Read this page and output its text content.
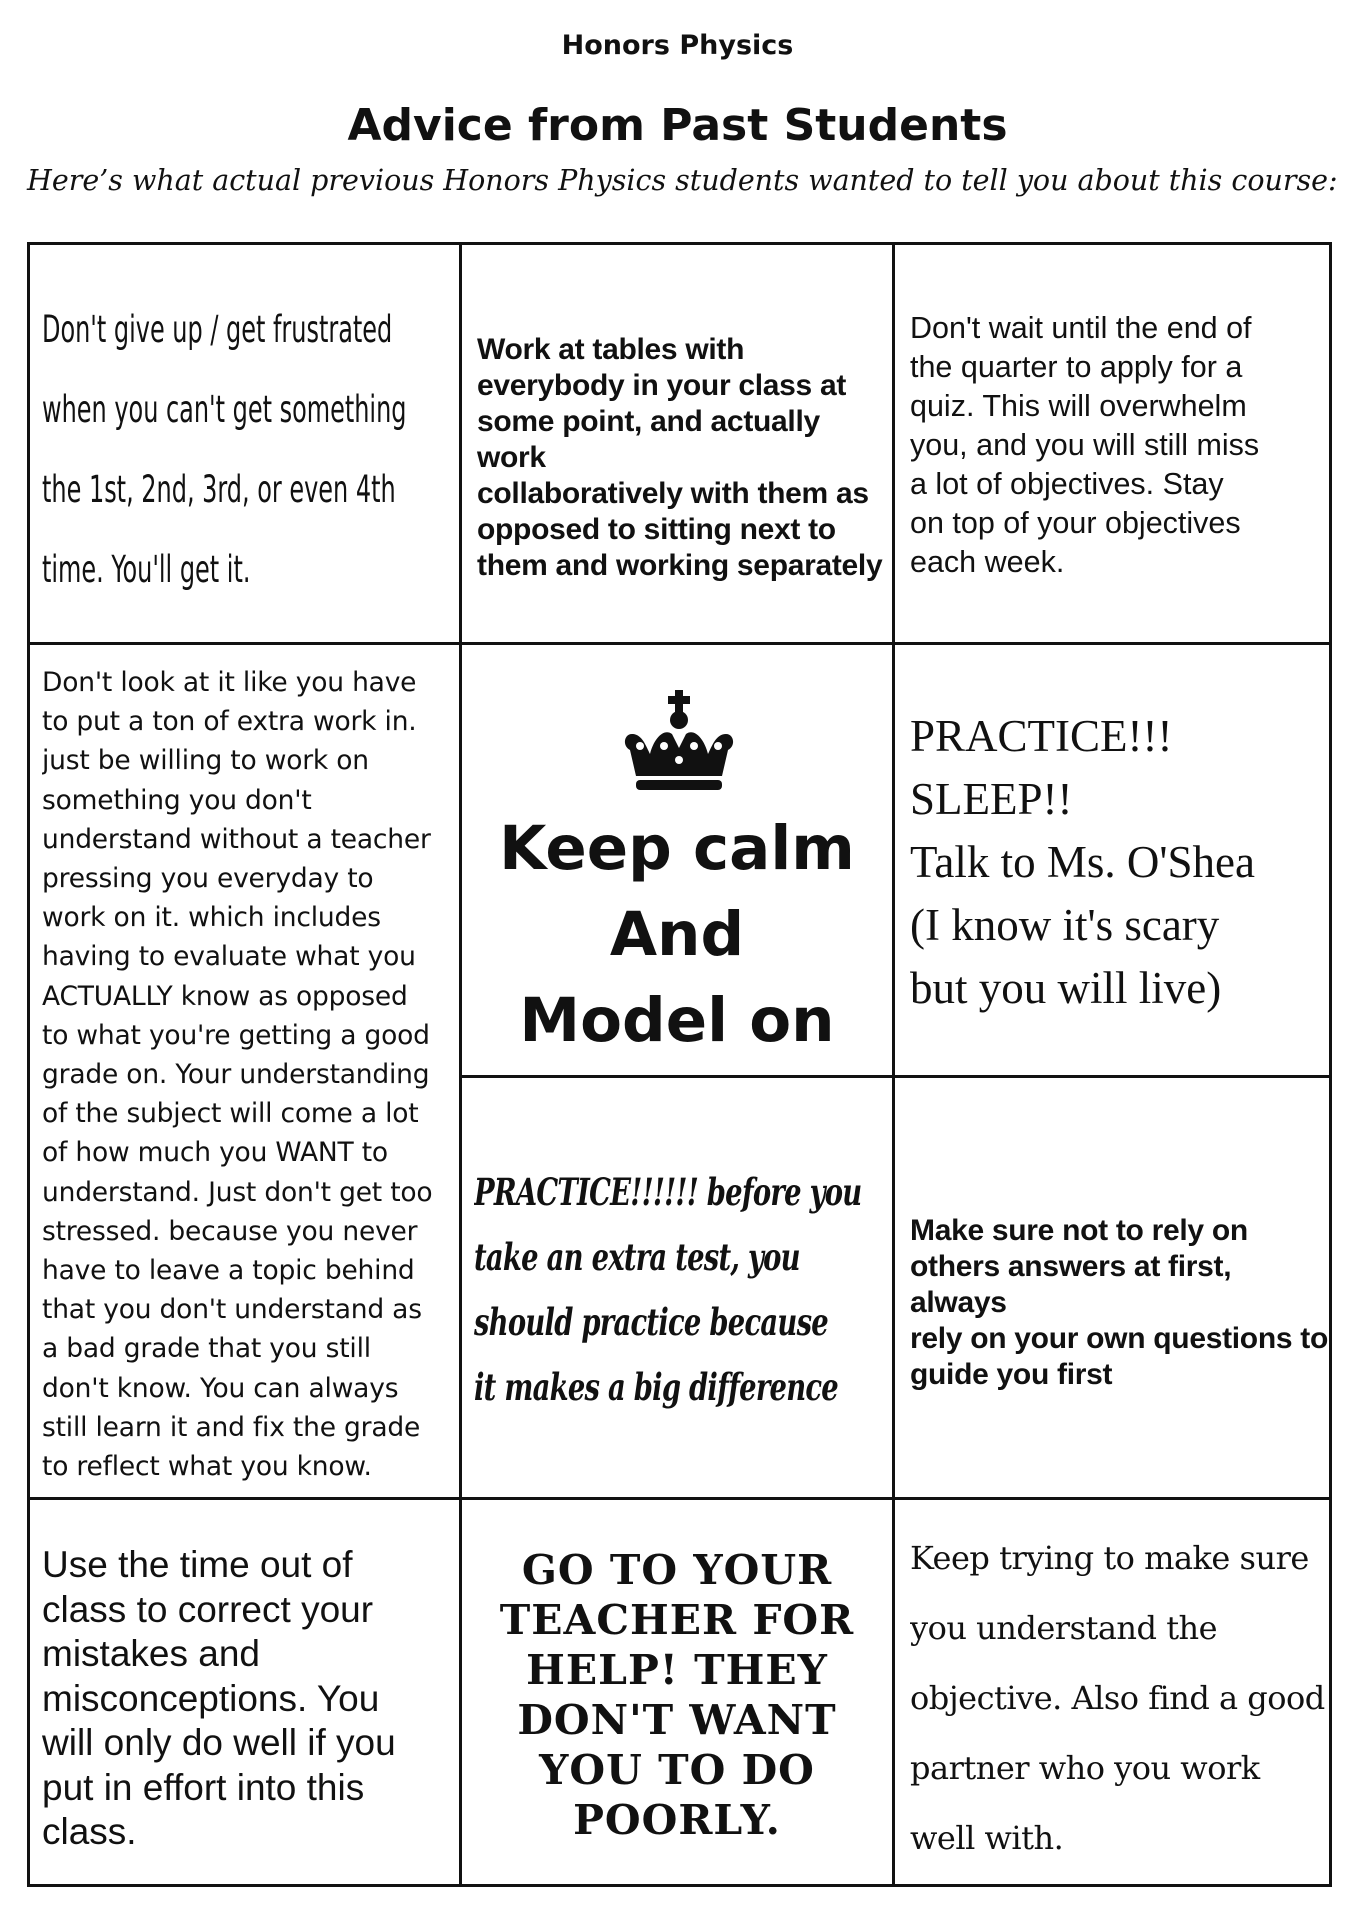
Honors Physics
Advice from Past Students
Here’s what actual previous Honors Physics students wanted to tell you about this course:
Don't give up / get frustrated
when you can't get something
the 1st, 2nd, 3rd, or even 4th
time. You'll get it.
Work at tables with
everybody in your class at
some point, and actually work
collaboratively with them as
opposed to sitting next to
them and working separately
Don't wait until the end of
the quarter to apply for a
quiz. This will overwhelm
you, and you will still miss
a lot of objectives. Stay
on top of your objectives
each week.
Don't look at it like you have
to put a ton of extra work in.
just be willing to work on
something you don't
understand without a teacher
pressing you everyday to
work on it. which includes
having to evaluate what you
ACTUALLY know as opposed
to what you're getting a good
grade on. Your understanding
of the subject will come a lot
of how much you WANT to
understand. Just don't get too
stressed. because you never
have to leave a topic behind
that you don't understand as
a bad grade that you still
don't know. You can always
still learn it and fix the grade
to reflect what you know.
Keep calm
And
Model on
PRACTICE!!!
SLEEP!!
Talk to Ms. O'Shea
(I know it's scary
but you will live)
PRACTICE!!!!!! before you
take an extra test, you
should practice because
it makes a big difference
Make sure not to rely on
others answers at first, always
rely on your own questions to
guide you first
Use the time out of
class to correct your
mistakes and
misconceptions. You
will only do well if you
put in effort into this
class.
GO TO YOUR
TEACHER FOR
HELP! THEY
DON'T WANT
YOU TO DO
POORLY.
Keep trying to make sure
you understand the
objective. Also find a good
partner who you work
well with.
